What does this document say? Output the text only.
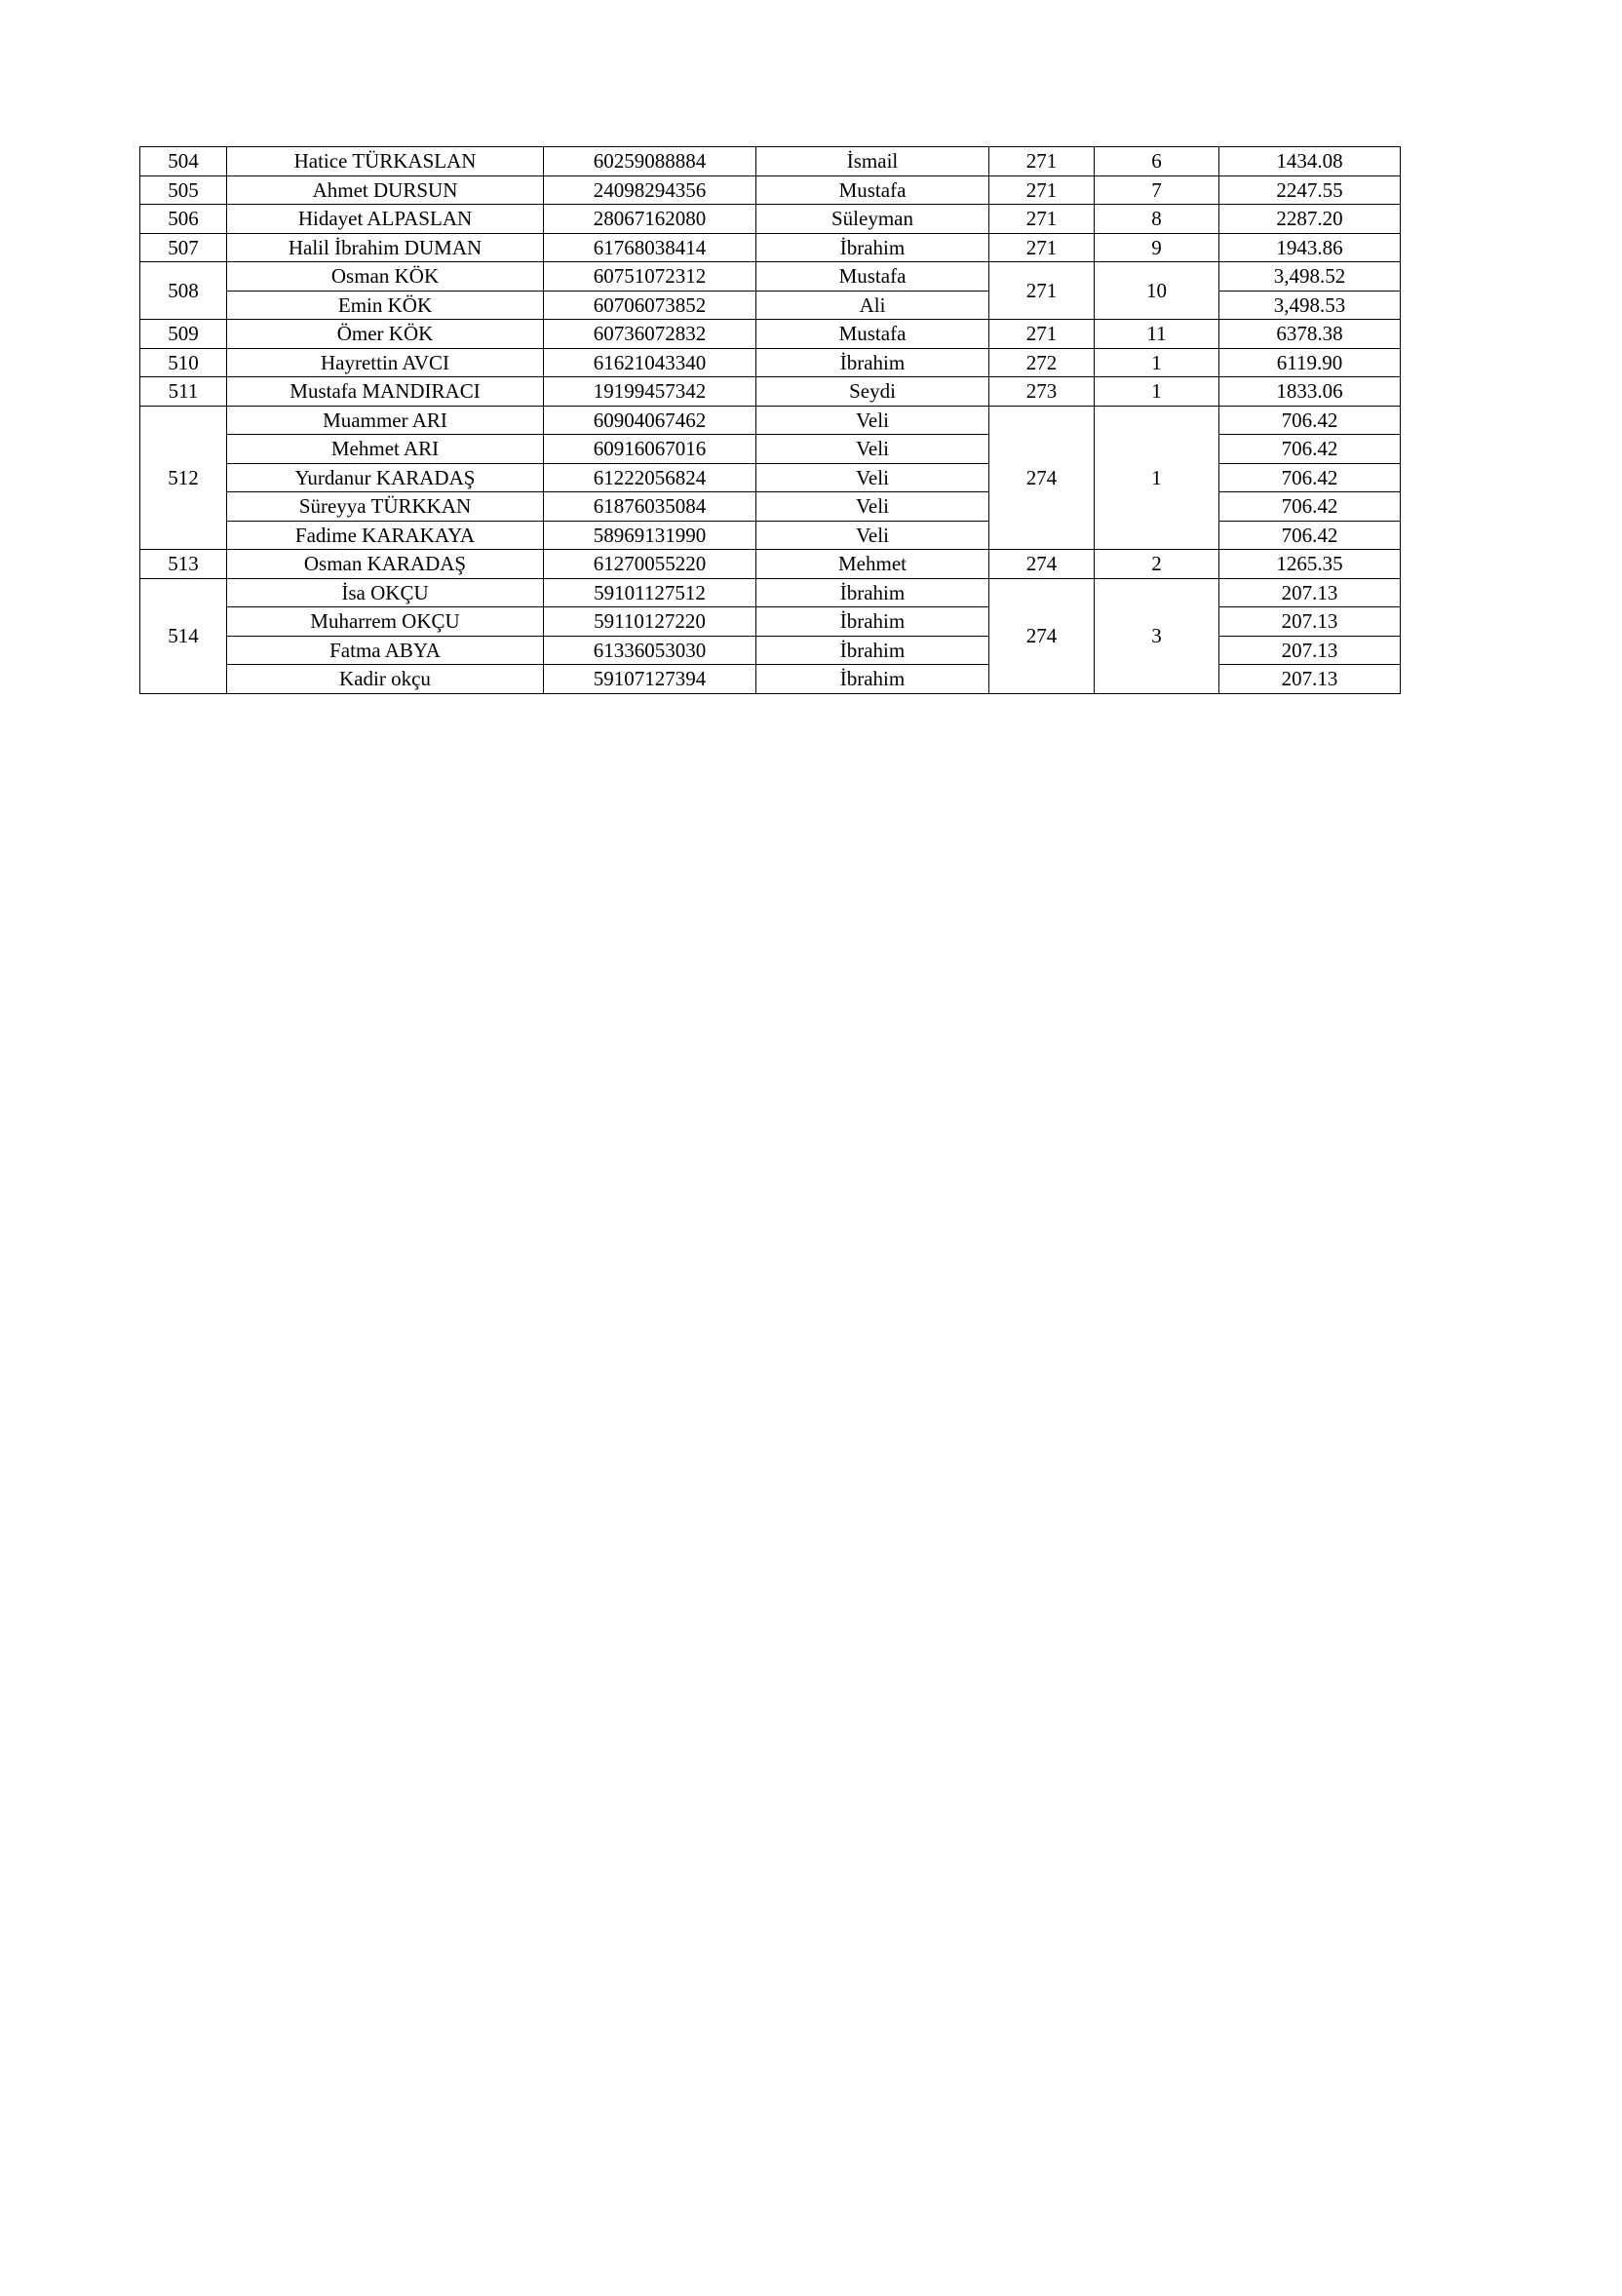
504	Hatice TÜRKASLAN	60259088884	İsmail	271	6	1434.08
505	Ahmet DURSUN	24098294356	Mustafa	271	7	2247.55
506	Hidayet ALPASLAN	28067162080	Süleyman	271	8	2287.20
507	Halil İbrahim DUMAN	61768038414	İbrahim	271	9	1943.86
508	Osman KÖK	60751072312	Mustafa	271	10	3,498.52
	Emin KÖK	60706073852	Ali			3,498.53
509	Ömer KÖK	60736072832	Mustafa	271	11	6378.38
510	Hayrettin AVCI	61621043340	İbrahim	272	1	6119.90
511	Mustafa MANDIRACI	19199457342	Seydi	273	1	1833.06
512	Muammer ARI	60904067462	Veli	274	1	706.42
	Mehmet ARI	60916067016	Veli			706.42
	Yurdanur KARADAŞ	61222056824	Veli			706.42
	Süreyya TÜRKKAN	61876035084	Veli			706.42
	Fadime KARAKAYA	58969131990	Veli			706.42
513	Osman KARADAŞ	61270055220	Mehmet	274	2	1265.35
514	İsa OKÇU	59101127512	İbrahim	274	3	207.13
	Muharrem OKÇU	59110127220	İbrahim			207.13
	Fatma ABYA	61336053030	İbrahim			207.13
	Kadir okçu	59107127394	İbrahim			207.13
